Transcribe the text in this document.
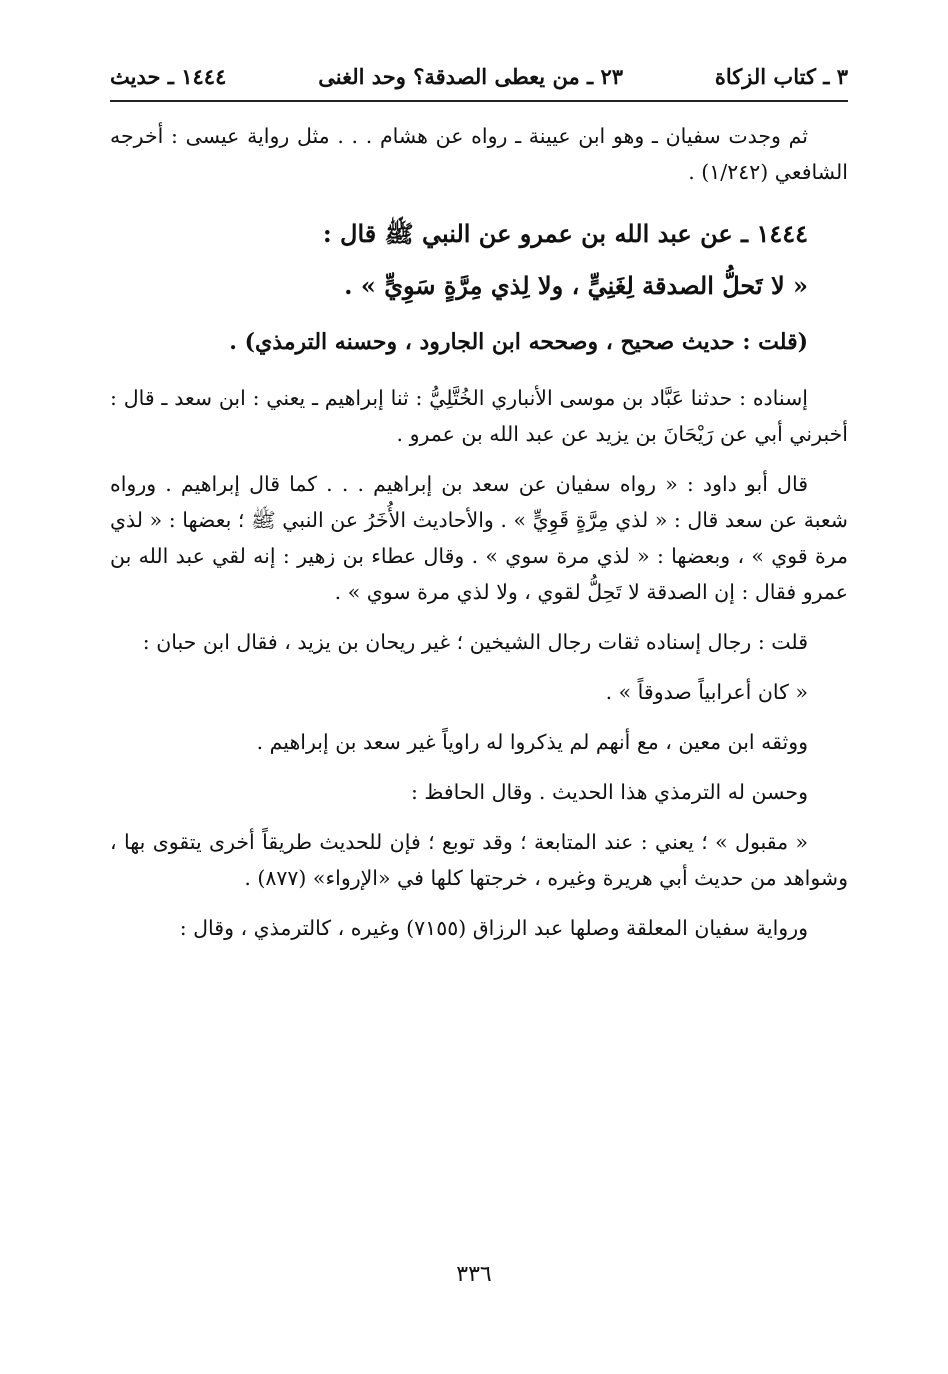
٣ ـ كتاب الزكاة
٢٣ ـ من يعطى الصدقة؟ وحد الغنى
١٤٤٤ ـ حديث

ثم وجدت سفيان ـ وهو ابن عيينة ـ رواه عن هشام . . . مثل رواية عيسى : أخرجه الشافعي (١/٢٤٢) .

١٤٤٤ ـ عن عبد الله بن عمرو عن النبي ﷺ قال :

« لا تَحلُّ الصدقة لِغَنِيٍّ ، ولا لِذي مِرَّةٍ سَوِيٍّ » .

(قلت : حديث صحيح ، وصححه ابن الجارود ، وحسنه الترمذي) .

إسناده : حدثنا عَبَّاد بن موسى الأنباري الخُتَّلِيُّ : ثنا إبراهيم ـ يعني : ابن سعد ـ قال : أخبرني أبي عن رَيْحَانَ بن يزيد عن عبد الله بن عمرو .

قال أبو داود : « رواه سفيان عن سعد بن إبراهيم . . . كما قال إبراهيم . ورواه شعبة عن سعد قال : « لذي مِرَّةٍ قَوِيٍّ » . والأحاديث الأُخَرُ عن النبي ﷺ ؛ بعضها : « لذي مرة قوي » ، وبعضها : « لذي مرة سوي » . وقال عطاء بن زهير : إنه لقي عبد الله بن عمرو فقال : إن الصدقة لا تَحِلُّ لقوي ، ولا لذي مرة سوي » .

قلت : رجال إسناده ثقات رجال الشيخين ؛ غير ريحان بن يزيد ، فقال ابن حبان :

« كان أعرابياً صدوقاً » .

ووثقه ابن معين ، مع أنهم لم يذكروا له راوياً غير سعد بن إبراهيم .

وحسن له الترمذي هذا الحديث . وقال الحافظ :

« مقبول » ؛ يعني : عند المتابعة ؛ وقد توبع ؛ فإن للحديث طريقاً أخرى يتقوى بها ، وشواهد من حديث أبي هريرة وغيره ، خرجتها كلها في «الإرواء» (٨٧٧) .

ورواية سفيان المعلقة وصلها عبد الرزاق (٧١٥٥) وغيره ، كالترمذي ، وقال :

٣٣٦
